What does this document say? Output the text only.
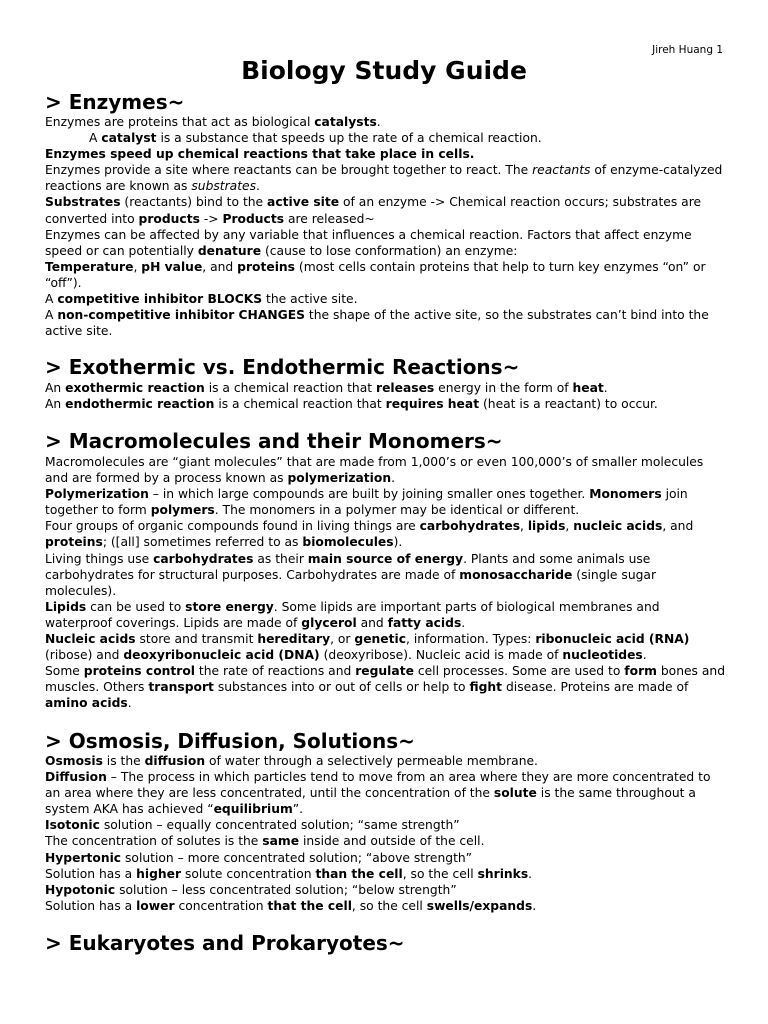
Jireh Huang 1
Biology Study Guide
> Enzymes~

Enzymes are proteins that act as biological catalysts.

A catalyst is a substance that speeds up the rate of a chemical reaction.

Enzymes speed up chemical reactions that take place in cells.

Enzymes provide a site where reactants can be brought together to react. The reactants of enzyme-catalyzed reactions are known as substrates.

Substrates (reactants) bind to the active site of an enzyme -> Chemical reaction occurs; substrates are converted into products -> Products are released~

Enzymes can be affected by any variable that influences a chemical reaction. Factors that affect enzyme speed or can potentially denature (cause to lose conformation) an enzyme:

Temperature, pH value, and proteins (most cells contain proteins that help to turn key enzymes “on” or “off”).

A competitive inhibitor BLOCKS the active site.

A non-competitive inhibitor CHANGES the shape of the active site, so the substrates can’t bind into the active site.

> Exothermic vs. Endothermic Reactions~

An exothermic reaction is a chemical reaction that releases energy in the form of heat.

An endothermic reaction is a chemical reaction that requires heat (heat is a reactant) to occur.

> Macromolecules and their Monomers~

Macromolecules are “giant molecules” that are made from 1,000’s or even 100,000’s of smaller molecules and are formed by a process known as polymerization.

Polymerization – in which large compounds are built by joining smaller ones together. Monomers join together to form polymers. The monomers in a polymer may be identical or different.

Four groups of organic compounds found in living things are carbohydrates, lipids, nucleic acids, and proteins; ([all] sometimes referred to as biomolecules).

Living things use carbohydrates as their main source of energy. Plants and some animals use carbohydrates for structural purposes. Carbohydrates are made of monosaccharide (single sugar molecules).

Lipids can be used to store energy. Some lipids are important parts of biological membranes and waterproof coverings. Lipids are made of glycerol and fatty acids.

Nucleic acids store and transmit hereditary, or genetic, information. Types: ribonucleic acid (RNA) (ribose) and deoxyribonucleic acid (DNA) (deoxyribose). Nucleic acid is made of nucleotides.

Some proteins control the rate of reactions and regulate cell processes. Some are used to form bones and muscles. Others transport substances into or out of cells or help to fight disease. Proteins are made of amino acids.

> Osmosis, Diffusion, Solutions~

Osmosis is the diffusion of water through a selectively permeable membrane.

Diffusion – The process in which particles tend to move from an area where they are more concentrated to an area where they are less concentrated, until the concentration of the solute is the same throughout a system AKA has achieved “equilibrium”.

Isotonic solution – equally concentrated solution; “same strength”

The concentration of solutes is the same inside and outside of the cell.

Hypertonic solution – more concentrated solution; “above strength”

Solution has a higher solute concentration than the cell, so the cell shrinks.

Hypotonic solution – less concentrated solution; “below strength”

Solution has a lower concentration that the cell, so the cell swells/expands.

> Eukaryotes and Prokaryotes~
